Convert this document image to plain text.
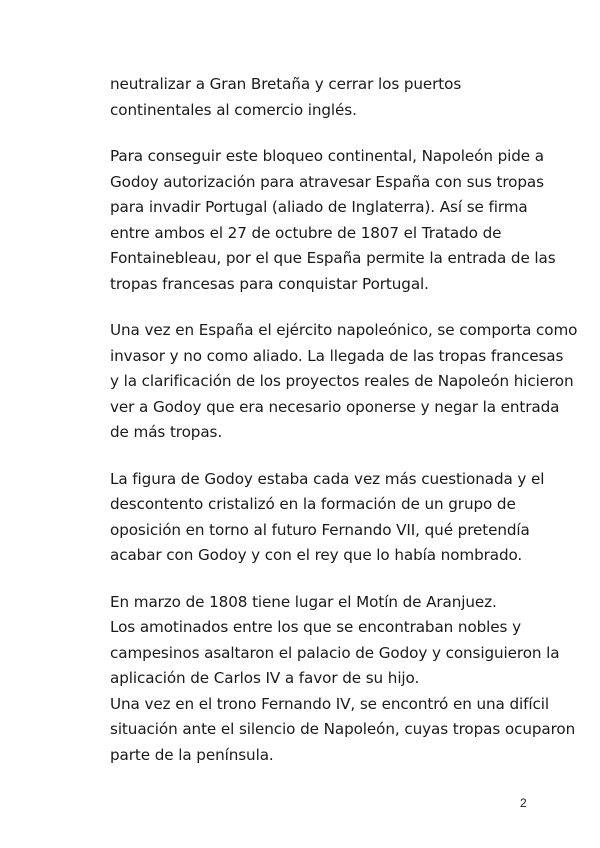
neutralizar a Gran Bretaña y cerrar los puertos
continentales al comercio inglés.

Para conseguir este bloqueo continental, Napoleón pide a
Godoy autorización para atravesar España con sus tropas
para invadir Portugal (aliado de Inglaterra). Así se firma
entre ambos el 27 de octubre de 1807 el Tratado de
Fontainebleau, por el que España permite la entrada de las
tropas francesas para conquistar Portugal.

Una vez en España el ejército napoleónico, se comporta como
invasor y no como aliado. La llegada de las tropas francesas
y la clarificación de los proyectos reales de Napoleón hicieron
ver a Godoy que era necesario oponerse y negar la entrada
de más tropas.

La figura de Godoy estaba cada vez más cuestionada y el
descontento cristalizó en la formación de un grupo de
oposición en torno al futuro Fernando VII, qué pretendía
acabar con Godoy y con el rey que lo había nombrado.

En marzo de 1808 tiene lugar el Motín de Aranjuez.
Los amotinados entre los que se encontraban nobles y
campesinos asaltaron el palacio de Godoy y consiguieron la
aplicación de Carlos IV a favor de su hijo.
Una vez en el trono Fernando IV, se encontró en una difícil
situación ante el silencio de Napoleón, cuyas tropas ocuparon
parte de la península.

2
